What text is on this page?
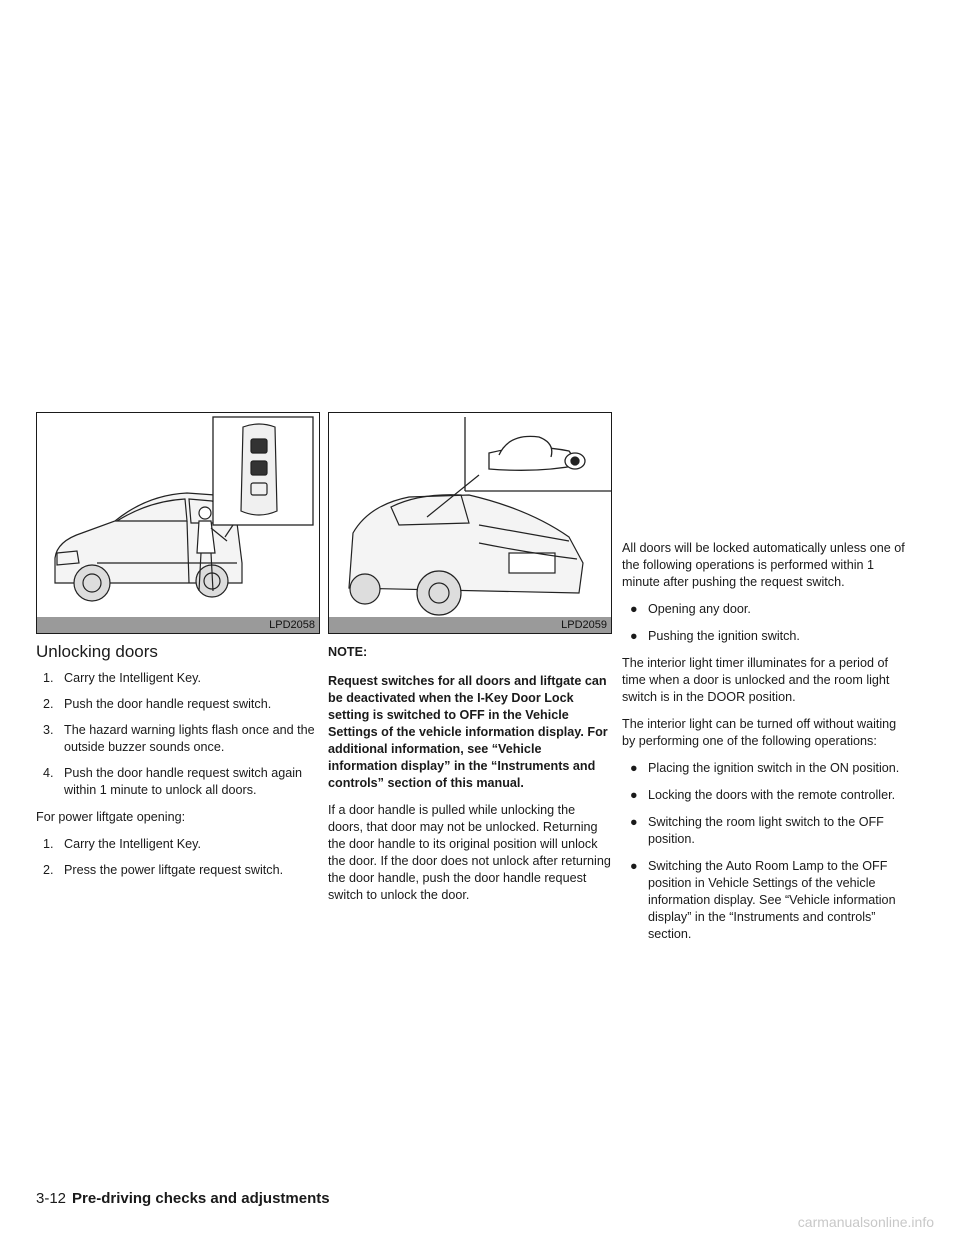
LPD2058
Unlocking doors
1. Carry the Intelligent Key.
2. Push the door handle request switch.
3. The hazard warning lights flash once and the outside buzzer sounds once.
4. Push the door handle request switch again within 1 minute to unlock all doors.

For power liftgate opening:

1. Carry the Intelligent Key.
2. Press the power liftgate request switch.
LPD2059

NOTE:

Request switches for all doors and liftgate can be deactivated when the I-Key Door Lock setting is switched to OFF in the Vehicle Settings of the vehicle information display. For additional information, see “Vehicle information display” in the “Instruments and controls” section of this manual.

If a door handle is pulled while unlocking the doors, that door may not be unlocked. Returning the door handle to its original position will unlock the door. If the door does not unlock after returning the door handle, push the door handle request switch to unlock the door.

All doors will be locked automatically unless one of the following operations is performed within 1 minute after pushing the request switch.

● Opening any door.
● Pushing the ignition switch.

The interior light timer illuminates for a period of time when a door is unlocked and the room light switch is in the DOOR position.

The interior light can be turned off without waiting by performing one of the following operations:

● Placing the ignition switch in the ON position.
● Locking the doors with the remote controller.
● Switching the room light switch to the OFF position.
● Switching the Auto Room Lamp to the OFF position in Vehicle Settings of the vehicle information display. See “Vehicle information display” in the “Instruments and controls” section.
3-12 Pre-driving checks and adjustments
carmanualsonline.info
